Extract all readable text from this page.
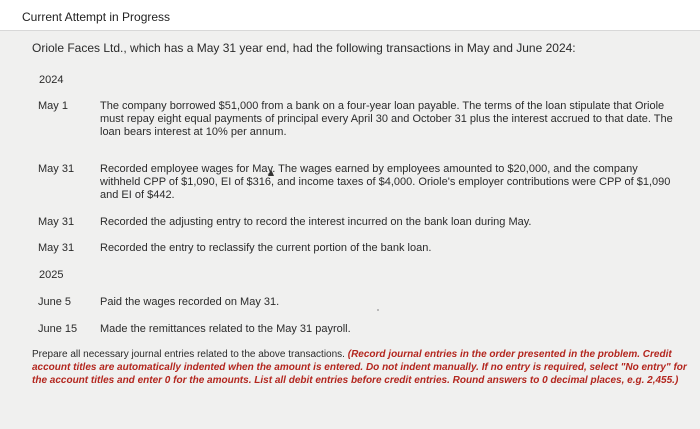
Current Attempt in Progress
Oriole Faces Ltd., which has a May 31 year end, had the following transactions in May and June 2024:
2024
May 1	The company borrowed $51,000 from a bank on a four-year loan payable. The terms of the loan stipulate that Oriole must repay eight equal payments of principal every April 30 and October 31 plus the interest accrued to that date. The loan bears interest at 10% per annum.
May 31 Recorded employee wages for May. The wages earned by employees amounted to $20,000, and the company withheld CPP of $1,090, EI of $316, and income taxes of $4,000. Oriole's employer contributions were CPP of $1,090 and EI of $442.
May 31 Recorded the adjusting entry to record the interest incurred on the bank loan during May.
May 31 Recorded the entry to reclassify the current portion of the bank loan.
2025
June 5	Paid the wages recorded on May 31.
June 15 Made the remittances related to the May 31 payroll.
Prepare all necessary journal entries related to the above transactions. (Record journal entries in the order presented in the problem. Credit account titles are automatically indented when the amount is entered. Do not indent manually. If no entry is required, select "No entry" for the account titles and enter 0 for the amounts. List all debit entries before credit entries. Round answers to 0 decimal places, e.g. 2,455.)
